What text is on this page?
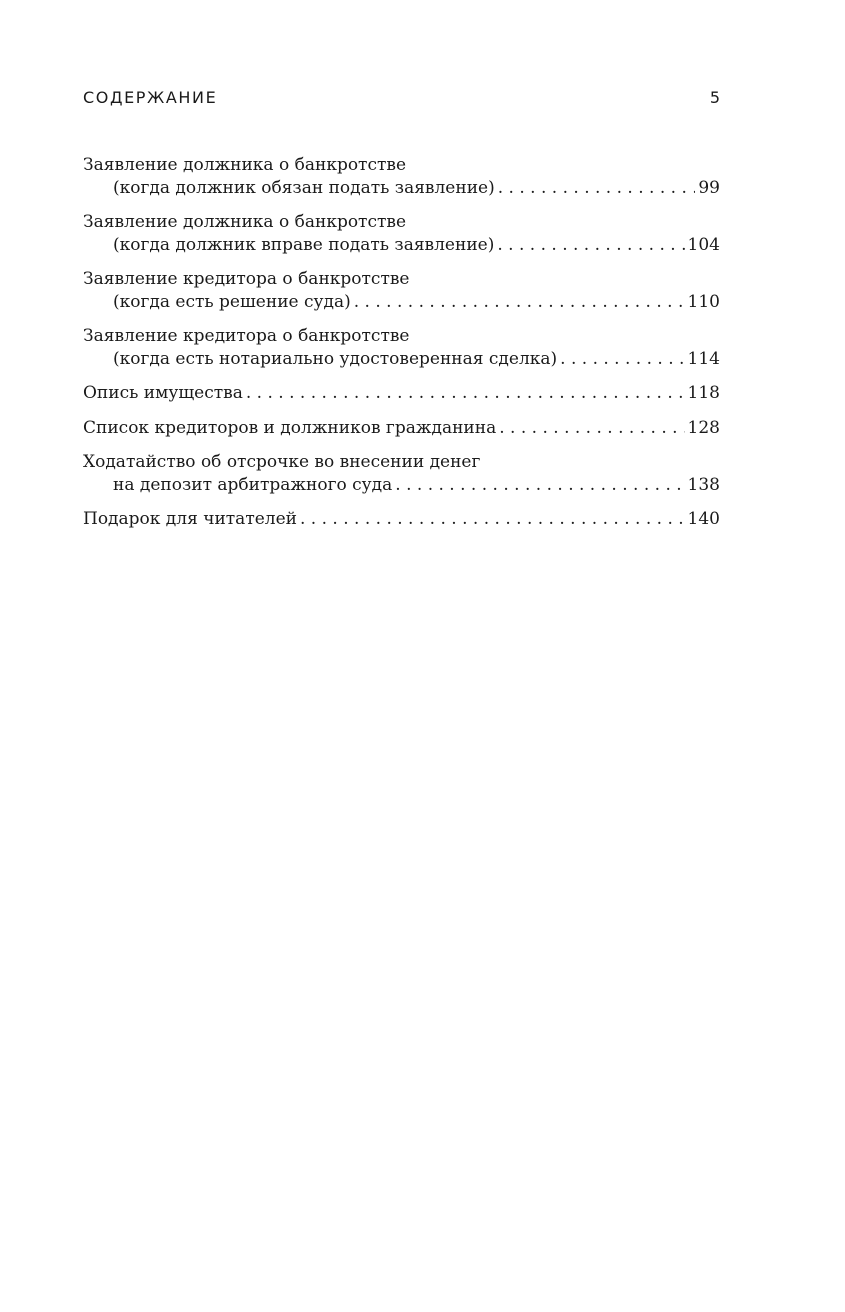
СОДЕРЖАНИЕ	5
Заявление должника о банкротстве
(когда должник обязан подать заявление) . . .	99
Заявление должника о банкротстве
(когда должник вправе подать заявление) . . .	104
Заявление кредитора о банкротстве
(когда есть решение суда) . . .	110
Заявление кредитора о банкротстве
(когда есть нотариально удостоверенная сделка) . . .	114
Опись имущества . . .	118
Список кредиторов и должников гражданина . . .	128
Ходатайство об отсрочке во внесении денег
на депозит арбитражного суда . . .	138
Подарок для читателей . . .	140
